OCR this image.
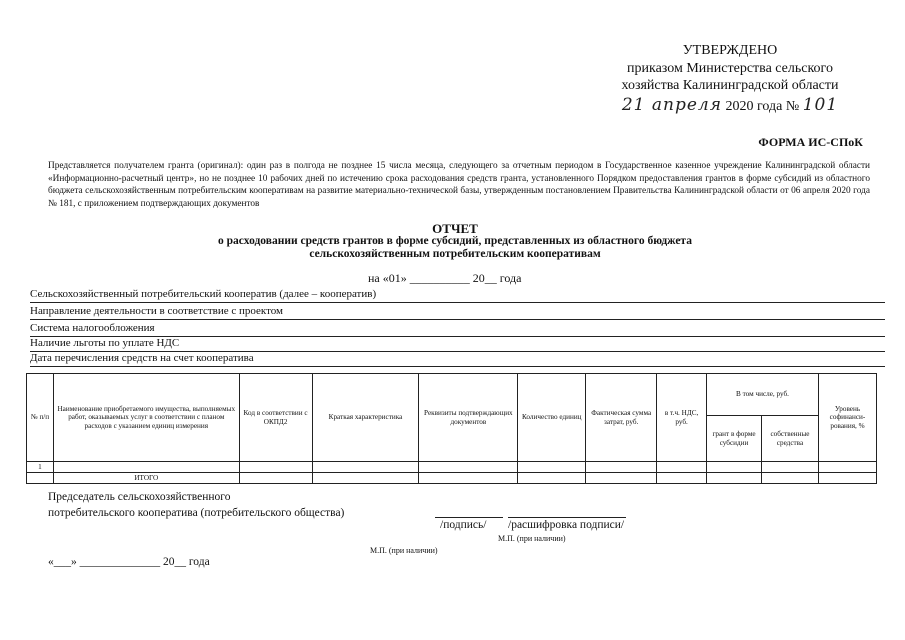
УТВЕРЖДЕНО
приказом Министерства сельского
хозяйства Калининградской области
21 апреля 2020 года № 101
ФОРМА ИС-СПоК
Представляется получателем гранта (оригинал): один раз в полгода не позднее 15 числа месяца, следующего за отчетным периодом в Государственное казенное учреждение Калининградской области «Информационно-расчетный центр», но не позднее 10 рабочих дней по истечению срока расходования средств гранта, установленного Порядком предоставления грантов в форме субсидий из областного бюджета сельскохозяйственным потребительским кооперативам на развитие материально-технической базы, утвержденным постановлением Правительства Калининградской области от 06 апреля 2020 года № 181, с приложением подтверждающих документов
ОТЧЕТ
о расходовании средств грантов в форме субсидий, представленных из областного бюджета
сельскохозяйственным потребительским кооперативам
на «01» __________ 20__ года
Сельскохозяйственный потребительский кооператив (далее – кооператив)
Направление деятельности в соответствие с проектом
Система налогообложения
Наличие льготы по уплате НДС
Дата перечисления средств на счет кооператива
№ п/п	Наименование приобретаемого имущества, выполняемых работ, оказываемых услуг в соответствии с планом расходов с указанием единиц измерения	Код в соответствии с ОКПД2	Краткая характеристика	Реквизиты подтверждающих документов	Количество единиц	Фактическая сумма затрат, руб.	в т.ч. НДС, руб.	В том числе, руб.		Уровень софинанси-рования, %
								грант в форме субсидии	собственные средства	
1										
	ИТОГО									
Председатель сельскохозяйственного
потребительского кооператива (потребительского общества)
/подпись/ /расшифровка подписи/
М.П. (при наличии)
М.П. (при наличии)
«___» ______________ 20__ года
